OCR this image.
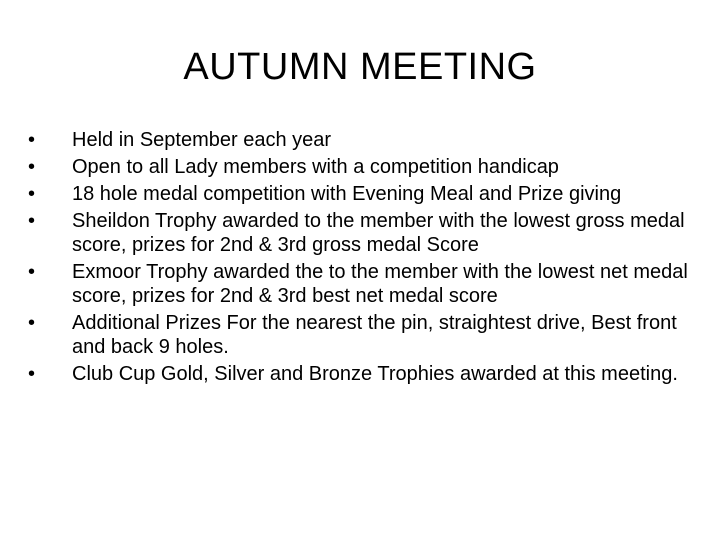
AUTUMN MEETING
•	Held in September each year
•	Open to all Lady members with a competition handicap
•	18 hole medal competition with Evening Meal and Prize giving
•	Sheildon Trophy awarded to the member with the lowest gross medal score, prizes for 2nd & 3rd gross medal Score
•	Exmoor Trophy awarded the to the member with the lowest net medal score, prizes for 2nd & 3rd best net medal score
•	Additional Prizes For the nearest the pin, straightest drive, Best front and back 9 holes.
•	Club Cup Gold, Silver and Bronze Trophies awarded at this meeting.
